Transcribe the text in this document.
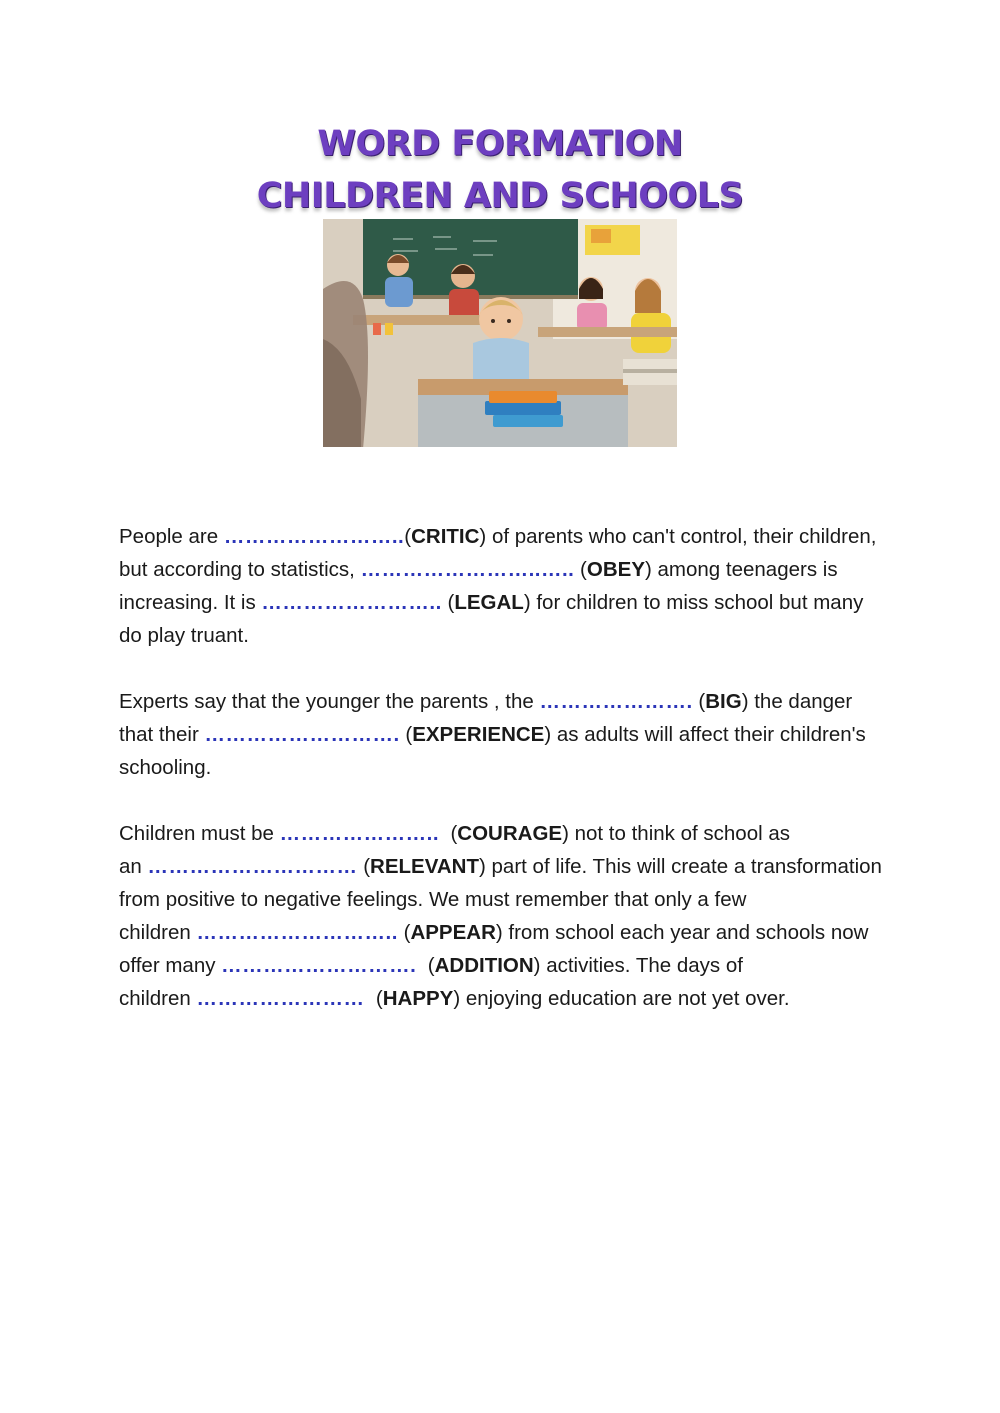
WORD FORMATION
CHILDREN AND SCHOOLS
People are ……………………..(CRITIC) of parents who can't control, their children,
but according to statistics, ……………………..….. (OBEY) among teenagers is
increasing. It is …………………….. (LEGAL) for children to miss school but many
do play truant.
Experts say that the younger the parents , the …………………. (BIG) the danger
that their ………………………. (EXPERIENCE) as adults will affect their children's
schooling.
Children must be …………………..  (COURAGE) not to think of school as
an ………………………… (RELEVANT) part of life. This will create a transformation
from positive to negative feelings. We must remember that only a few
children ……………………….. (APPEAR) from school each year and schools now
offer many ……………………….  (ADDITION) activities. The days of
children ……………………  (HAPPY) enjoying education are not yet over.
